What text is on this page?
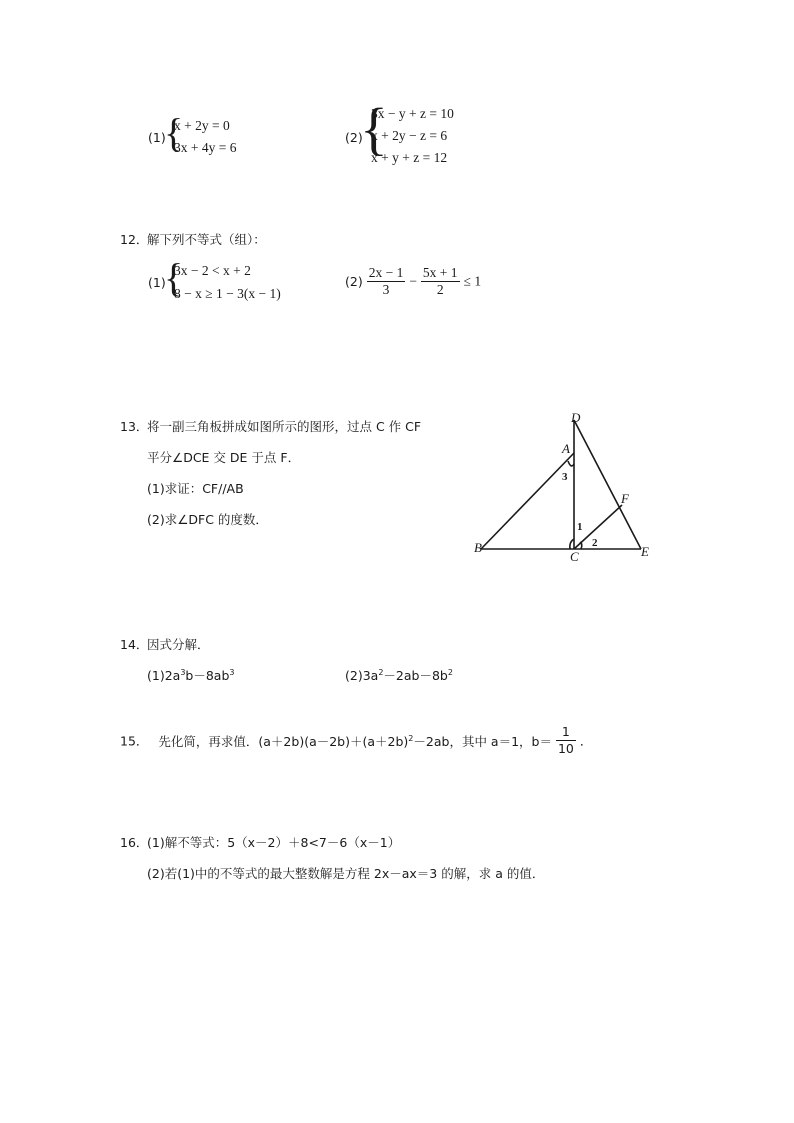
(1)
{
x + 2y = 0
3x + 4y = 6
(2)
{
3x − y + z = 10
x + 2y − z = 6
x + y + z = 12
12．
解下列不等式（组）：
(1)
{
3x − 2 < x + 2
8 − x ≥ 1 − 3(x − 1)
$(2) \frac{2x - 1}{3} - \frac{5x + 1}{2} \le 1$
13．
将一副三角板拼成如图所示的图形，过点 C 作 CF
平分∠DCE 交 DE 于点 F．
(1)求证：CF//AB
(2)求∠DFC 的度数．
D
A
F
B
C	E
3
1
2
14．
因式分解．
$(1)2a^3b-8ab^3$	$(2)3a^2-2ab-8b^2$
15． 先化简，再求值．$(a+2b)(a-2b)+(a+2b)^2-2ab$，其中 a＝1，$b= \frac{1}{10}$ ．
16．
(1)解不等式：5（x－2）＋8<7－6（x－1）
(2)若(1)中的不等式的最大整数解是方程 2x－ax＝3 的解，求 a 的值．
